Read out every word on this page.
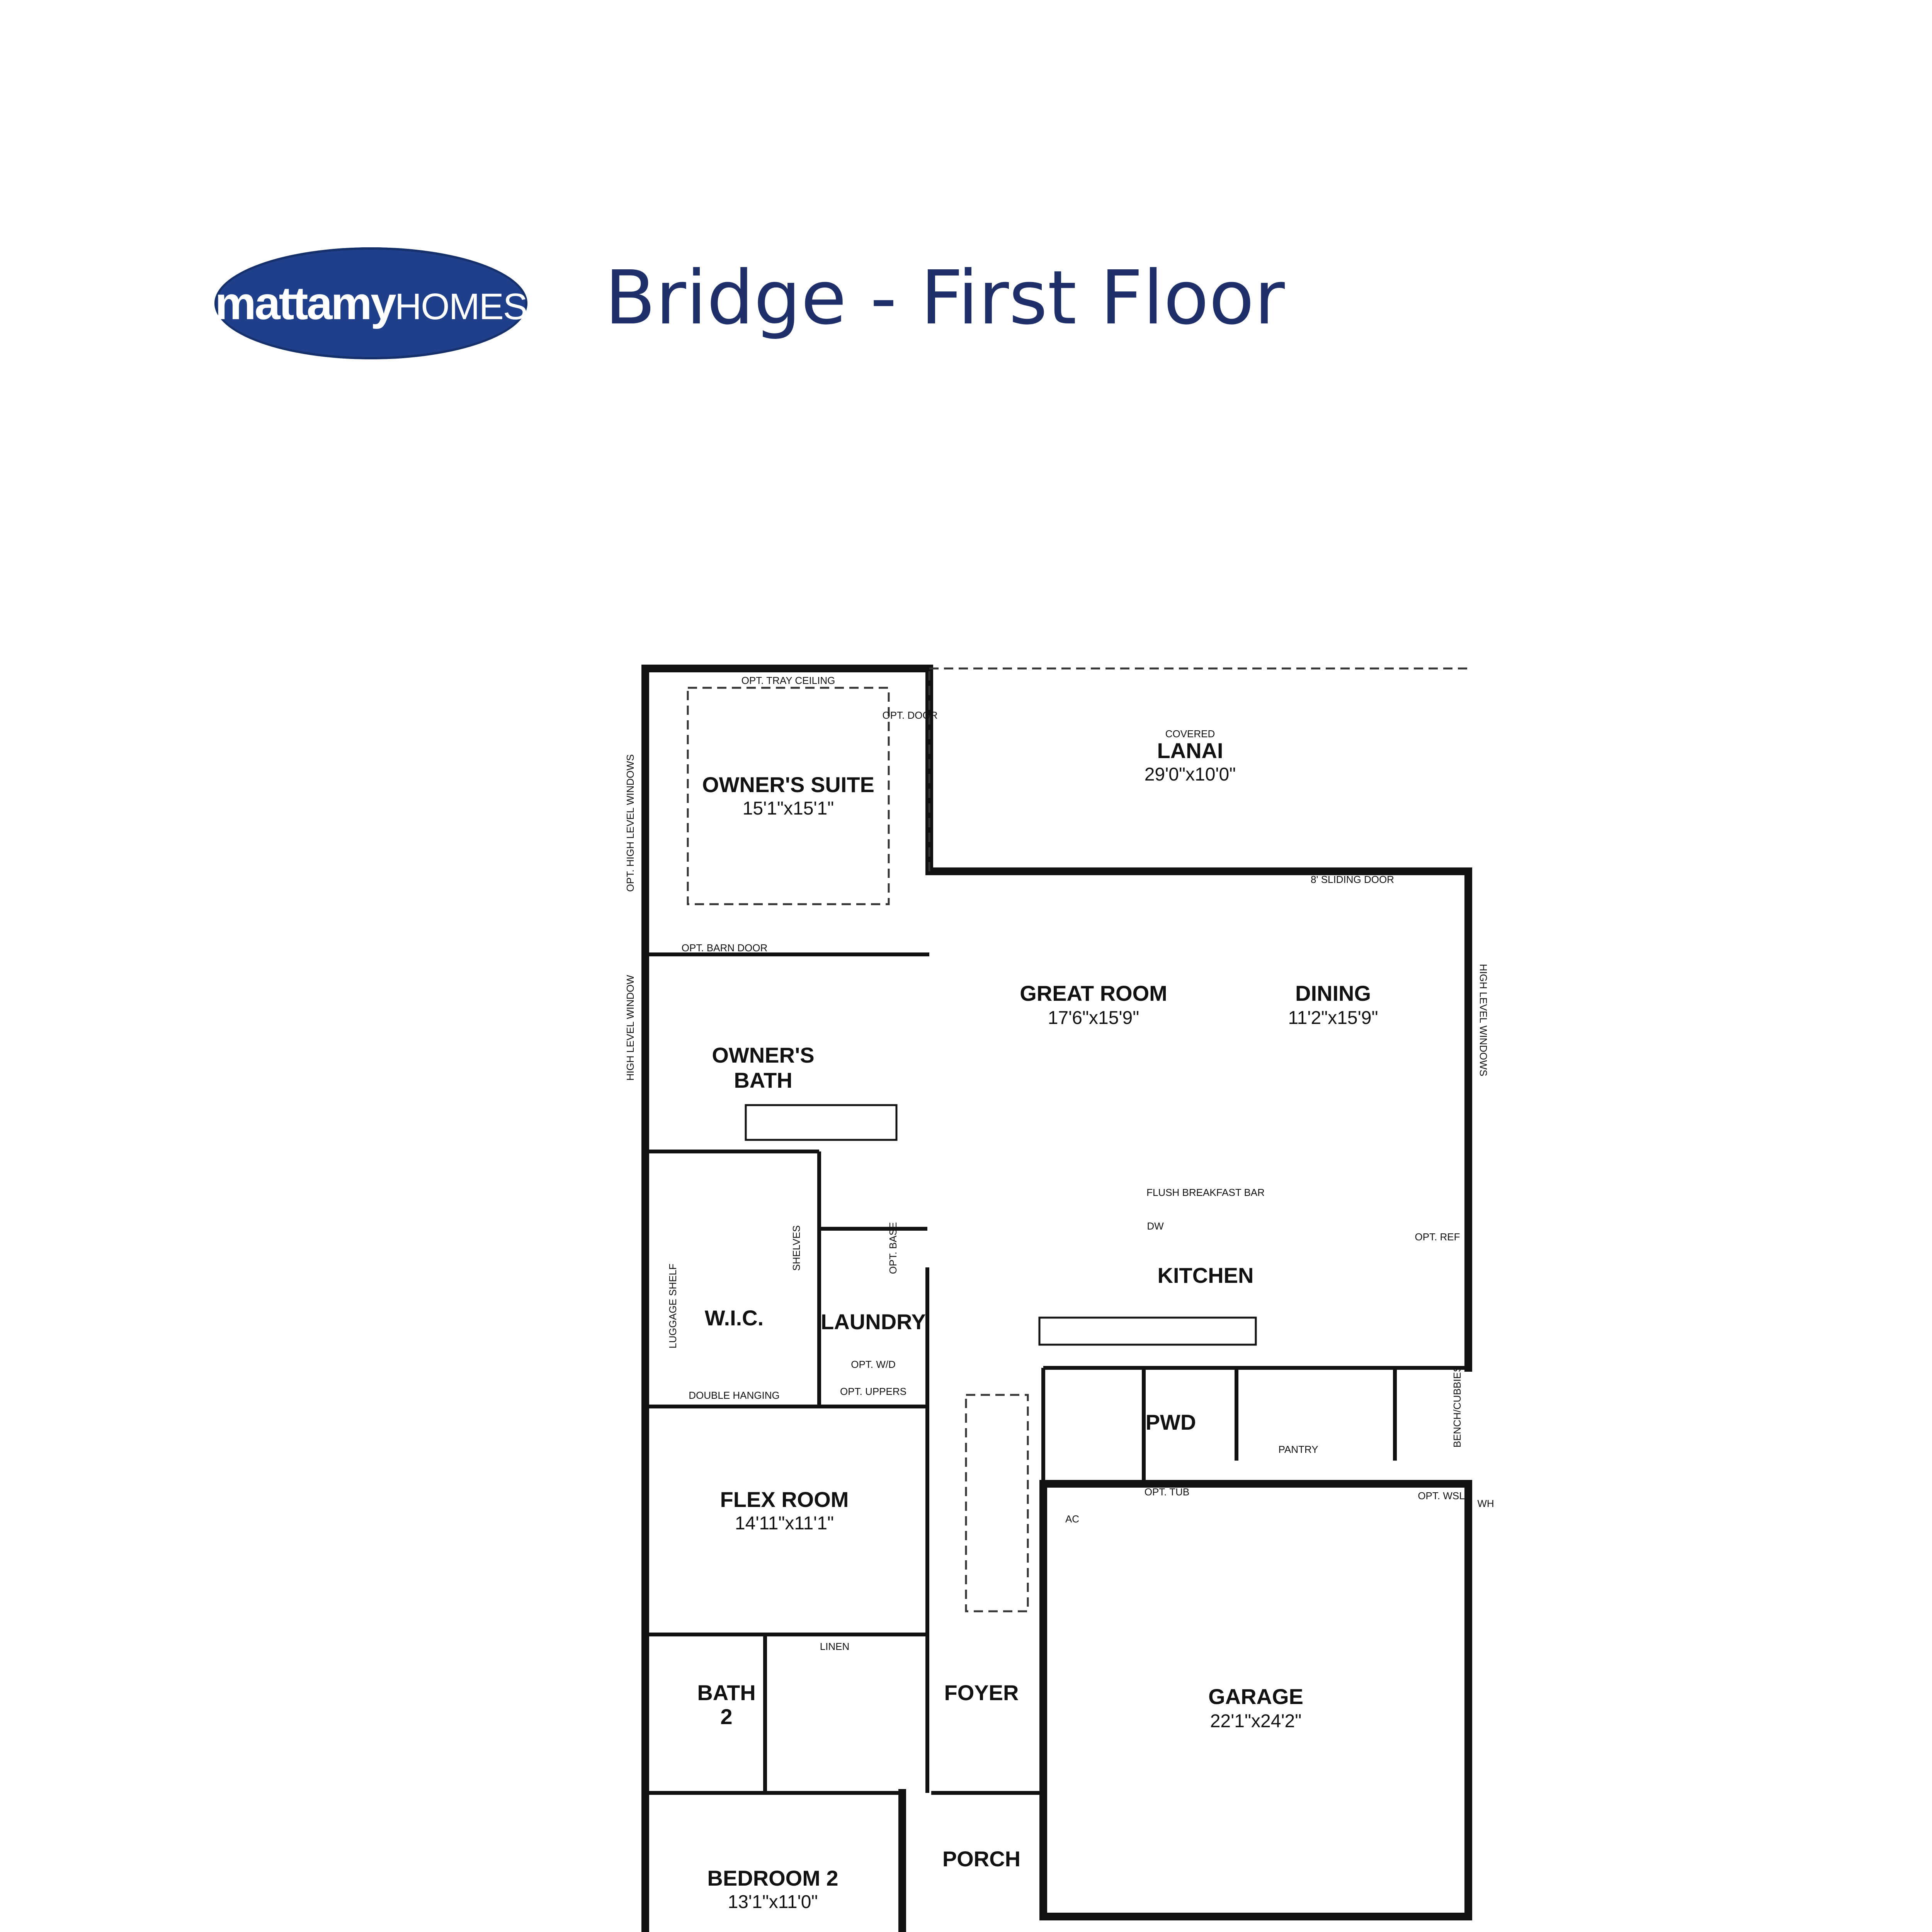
mattamyHOMES Bridge - First Floor
COVERED
LANAI
29'0"x10'0"
OWNER'S SUITE
15'1"x15'1"
GREAT ROOM
17'6"x15'9"
DINING
11'2"x15'9"
OWNER'S
BATH
KITCHEN
W.I.C.	LAUNDRY
PWD
FLEX ROOM
14'11"x11'1"
GARAGE
22'1"x24'2"
BATH
2
FOYER
PORCH
BEDROOM 2
13'1"x11'0"
OPT. TRAY CEILING
OPT. DOOR
OPT. HIGH LEVEL WINDOWS
HIGH LEVEL WINDOW	HIGH LEVEL WINDOWS
8' SLIDING DOOR
OPT. BARN DOOR
FLUSH BREAKFAST BAR
DW
OPT. REF
LINEN
SHELVES
OPT. UPPERS
OPT. BASE
OPT. W/D
LUGGAGE SHELF
DOUBLE HANGING
PANTRY
BENCH/CUBBIES
AC
OPT. TUB	OPT. WSL
WH
